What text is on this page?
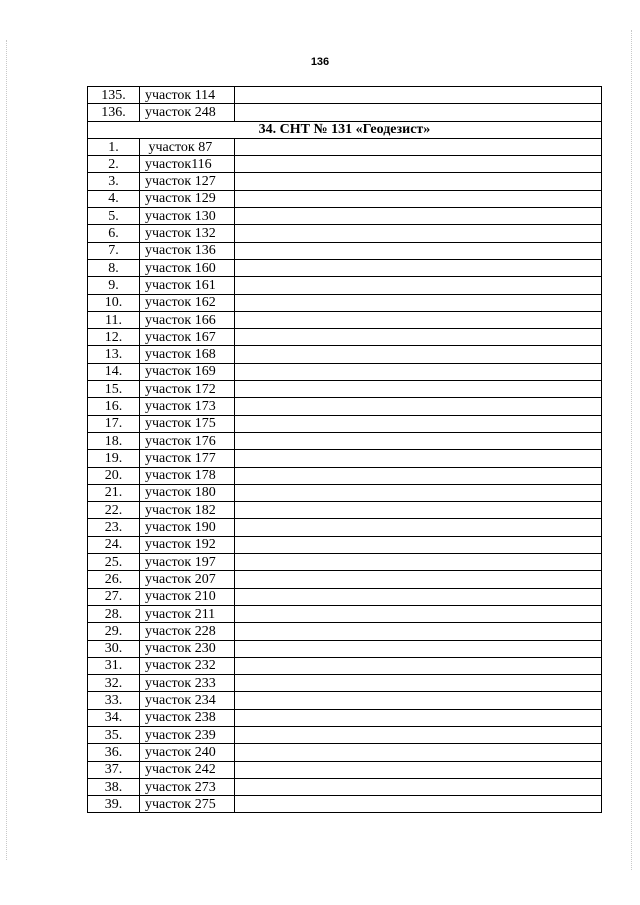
136
135.	участок 114	
136.	участок 248	
34. СНТ № 131 «Геодезист»		
1.	участок 87	
2.	участок116	
3.	участок 127	
4.	участок 129	
5.	участок 130	
6.	участок 132	
7.	участок 136	
8.	участок 160	
9.	участок 161	
10.	участок 162	
11.	участок 166	
12.	участок 167	
13.	участок 168	
14.	участок 169	
15.	участок 172	
16.	участок 173	
17.	участок 175	
18.	участок 176	
19.	участок 177	
20.	участок 178	
21.	участок 180	
22.	участок 182	
23.	участок 190	
24.	участок 192	
25.	участок 197	
26.	участок 207	
27.	участок 210	
28.	участок 211	
29.	участок 228	
30.	участок 230	
31.	участок 232	
32.	участок 233	
33.	участок 234	
34.	участок 238	
35.	участок 239	
36.	участок 240	
37.	участок 242	
38.	участок 273	
39.	участок 275	
